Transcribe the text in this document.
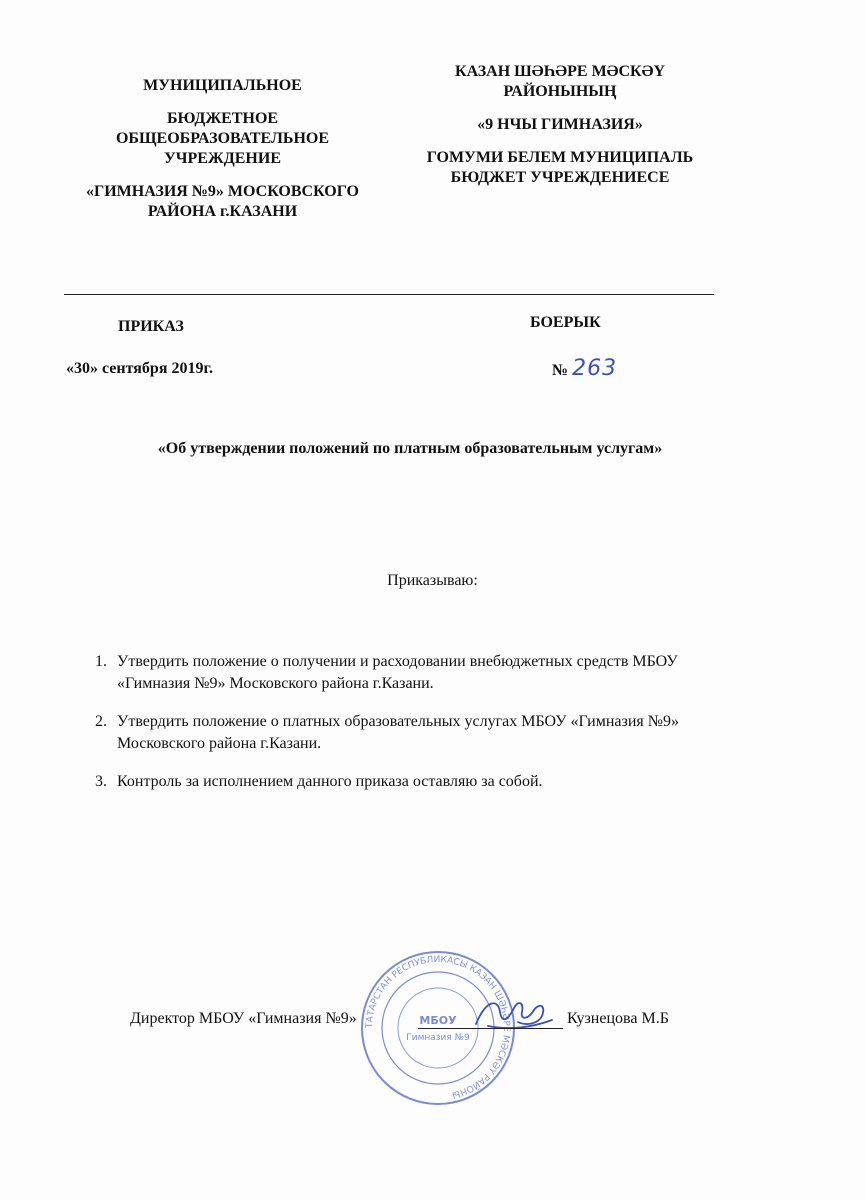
МУНИЦИПАЛЬНОЕ

БЮДЖЕТНОЕ ОБЩЕОБРАЗОВАТЕЛЬНОЕ УЧРЕЖДЕНИЕ

«ГИМНАЗИЯ №9» МОСКОВСКОГО РАЙОНА г.КАЗАНИ

КАЗАН ШӘҺӘРЕ МӘСКӘҮ РАЙОНЫНЫҢ

«9 НЧЫ ГИМНАЗИЯ»

ГОМУМИ БЕЛЕМ МУНИЦИПАЛЬ БЮДЖЕТ УЧРЕЖДЕНИЕСЕ

ПРИКАЗ
«30» сентября 2019г.
БОЕРЫК
№ 263
«Об утверждении положений по платным образовательным услугам»
Приказываю:
1. Утвердить положение о получении и расходовании внебюджетных средств МБОУ «Гимназия №9» Московского района г.Казани.
2. Утвердить положение о платных образовательных услугах МБОУ «Гимназия №9» Московского района г.Казани.
3. Контроль за исполнением данного приказа оставляю за собой.
ТАТАРСТАН РЕСПУБЛИКАСЫ КАЗАН ШӘҺӘРЕ МӘСКӘҮ РАЙОНЫ
МБОУ
Гимназия №9
Директор МБОУ «Гимназия №9»	Кузнецова М.Б
